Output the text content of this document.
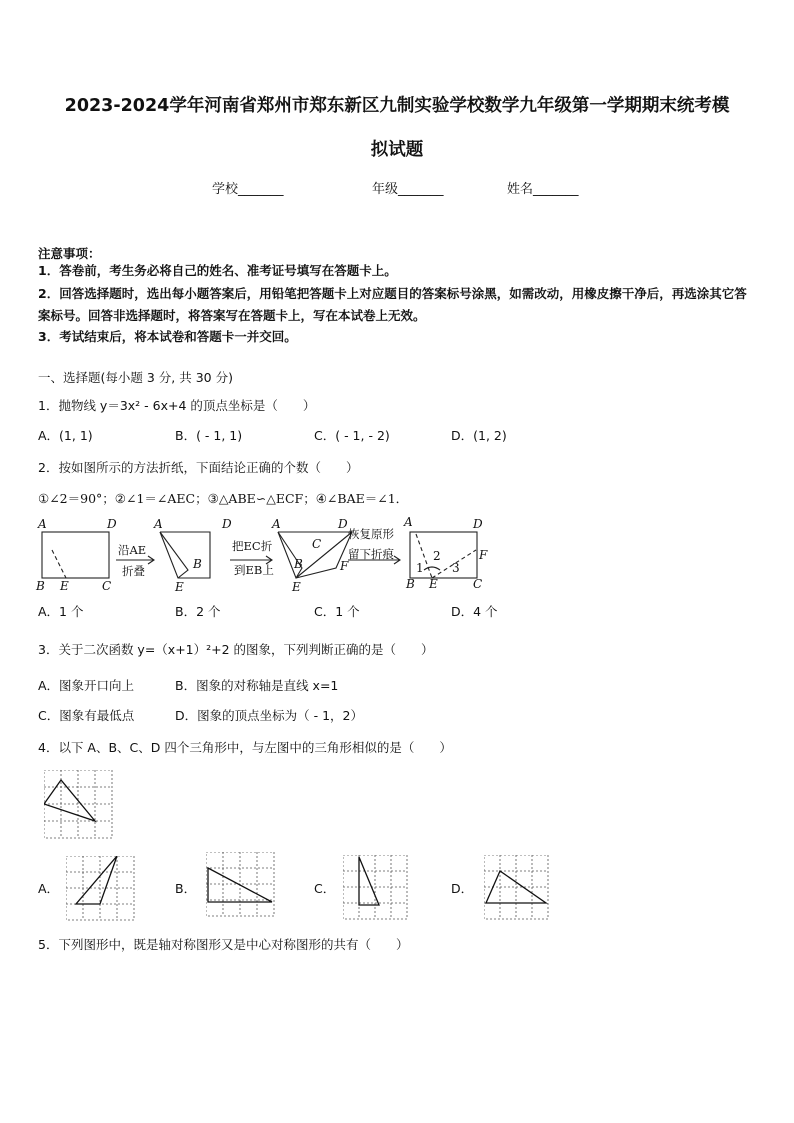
2023-2024学年河南省郑州市郑东新区九制实验学校数学九年级第一学期期末统考模
拟试题
学校_______	年级_______	姓名_______
注意事项：
1．答卷前，考生务必将自己的姓名、准考证号填写在答题卡上。
2．回答选择题时，选出每小题答案后，用铅笔把答题卡上对应题目的答案标号涂黑，如需改动，用橡皮擦干净后，再选涂其它答案标号。回答非选择题时，将答案写在答题卡上，写在本试卷上无效。
3．考试结束后，将本试卷和答题卡一并交回。
一、选择题(每小题 3 分, 共 30 分)
1．抛物线 y＝3x² - 6x+4 的顶点坐标是（　　）
A．(1, 1)	B．( - 1, 1)	C．( - 1, - 2)	D．(1, 2)
2．按如图所示的方法折纸，下面结论正确的个数（　　）
①∠2＝90°；②∠1＝∠AEC；③△ABE∽△ECF；④∠BAE＝∠1．
A	D
B E	C
A	D
B
E
A	D
C
B	F
E
A	D
B E	C
F
1
2
3
沿AE
折叠
把EC折
到EB上
恢复原形
留下折痕
A．1 个	B．2 个	C．1 个	D．4 个
3．关于二次函数 y=（x+1）²+2 的图象，下列判断正确的是（　　）
A．图象开口向上	B．图象的对称轴是直线 x=1
C．图象有最低点	D．图象的顶点坐标为（ - 1，2）
4．以下 A、B、C、D 四个三角形中，与左图中的三角形相似的是（　　）
A．	B．	C．	D．
5．下列图形中，既是轴对称图形又是中心对称图形的共有（　　）
